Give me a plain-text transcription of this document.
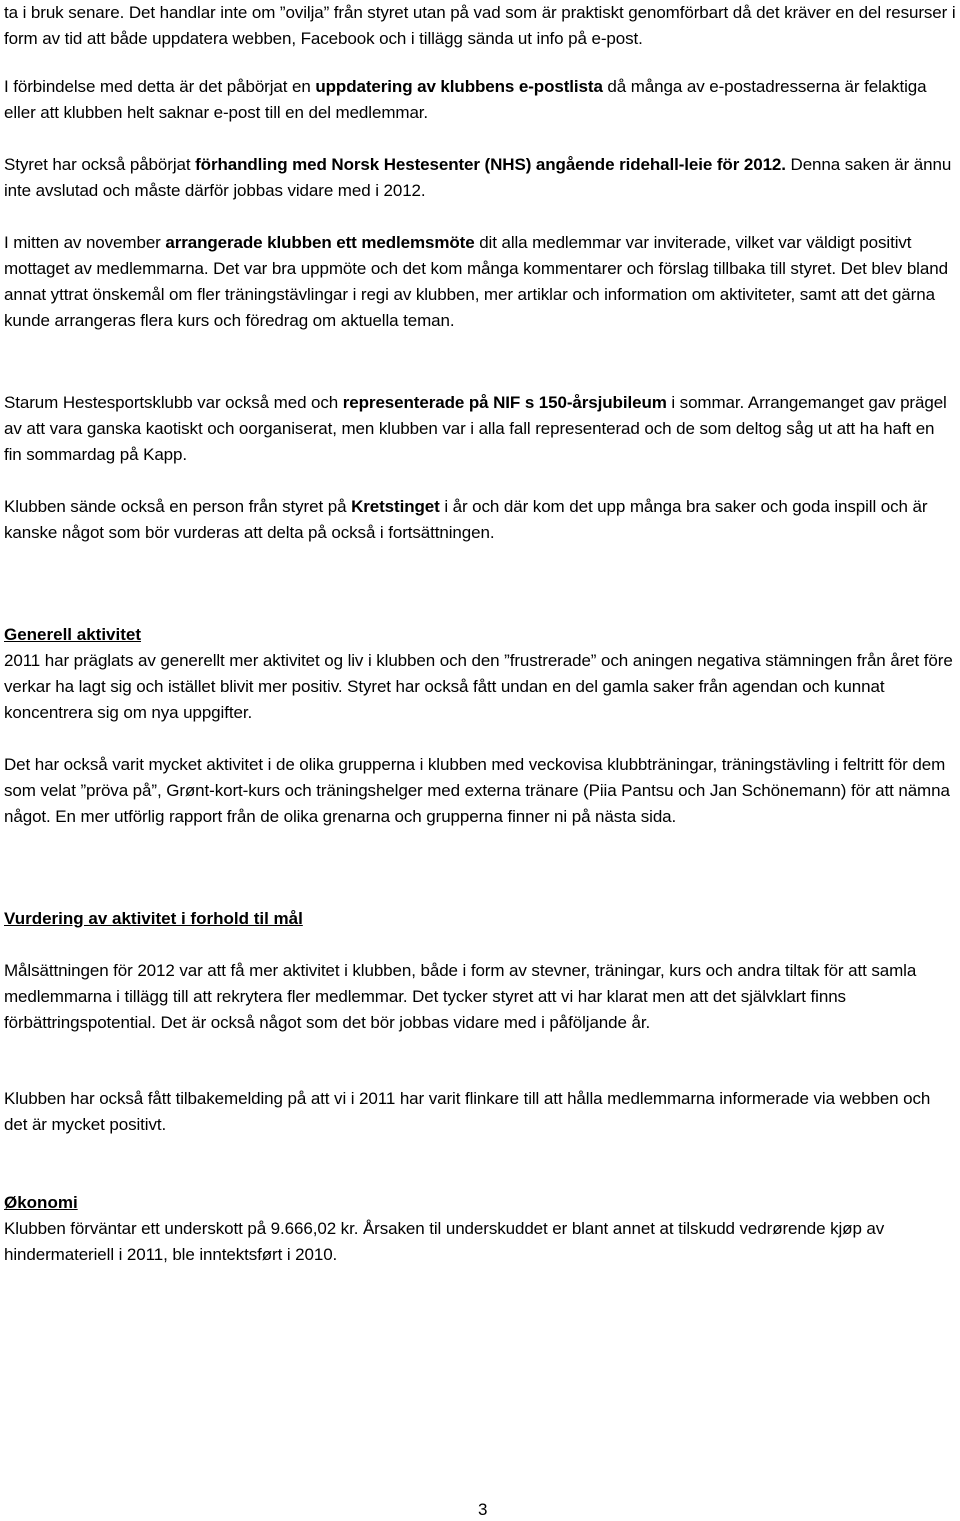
ta i bruk senare. Det handlar inte om ”ovilja” från styret utan på vad som är praktiskt genomförbart då det kräver en del resurser i form av tid att både uppdatera webben, Facebook och i tillägg sända ut info på e-post.

I förbindelse med detta är det påbörjat en uppdatering av klubbens e-postlista då många av e-postadresserna är felaktiga eller att klubben helt saknar e-post till en del medlemmar.

Styret har också påbörjat förhandling med Norsk Hestesenter (NHS) angående ridehall-leie för 2012. Denna saken är ännu inte avslutad och måste därför jobbas vidare med i 2012.

I mitten av november arrangerade klubben ett medlemsmöte dit alla medlemmar var inviterade, vilket var väldigt positivt mottaget av medlemmarna. Det var bra uppmöte och det kom många kommentarer och förslag tillbaka till styret. Det blev bland annat yttrat önskemål om fler träningstävlingar i regi av klubben, mer artiklar och information om aktiviteter, samt att det gärna kunde arrangeras flera kurs och föredrag om aktuella teman.

Starum Hestesportsklubb var också med och representerade på NIF s 150-årsjubileum i sommar. Arrangemanget gav prägel av att vara ganska kaotiskt och oorganiserat, men klubben var i alla fall representerad och de som deltog såg ut att ha haft en fin sommardag på Kapp.

Klubben sände också en person från styret på Kretstinget i år och där kom det upp många bra saker och goda inspill och är kanske något som bör vurderas att delta på också i fortsättningen.

Generell aktivitet

2011 har präglats av generellt mer aktivitet og liv i klubben och den ”frustrerade” och aningen negativa stämningen från året före verkar ha lagt sig och istället blivit mer positiv. Styret har också fått undan en del gamla saker från agendan och kunnat koncentrera sig om nya uppgifter.

Det har också varit mycket aktivitet i de olika grupperna i klubben med veckovisa klubbträningar, träningstävling i feltritt för dem som velat ”pröva på”, Grønt-kort-kurs och träningshelger med externa tränare (Piia Pantsu och Jan Schönemann) för att nämna något. En mer utförlig rapport från de olika grenarna och grupperna finner ni på nästa sida.

Vurdering av aktivitet i forhold til mål

Målsättningen för 2012 var att få mer aktivitet i klubben, både i form av stevner, träningar, kurs och andra tiltak för att samla medlemmarna i tillägg till att rekrytera fler medlemmar. Det tycker styret att vi har klarat men att det självklart finns förbättringspotential. Det är också något som det bör jobbas vidare med i påföljande år.

Klubben har också fått tilbakemelding på att vi i 2011 har varit flinkare till att hålla medlemmarna informerade via webben och det är mycket positivt.

Økonomi

Klubben förväntar ett underskott på 9.666,02 kr. Årsaken til underskuddet er blant annet at tilskudd vedrørende kjøp av hindermateriell i 2011, ble inntektsført i 2010.

3
